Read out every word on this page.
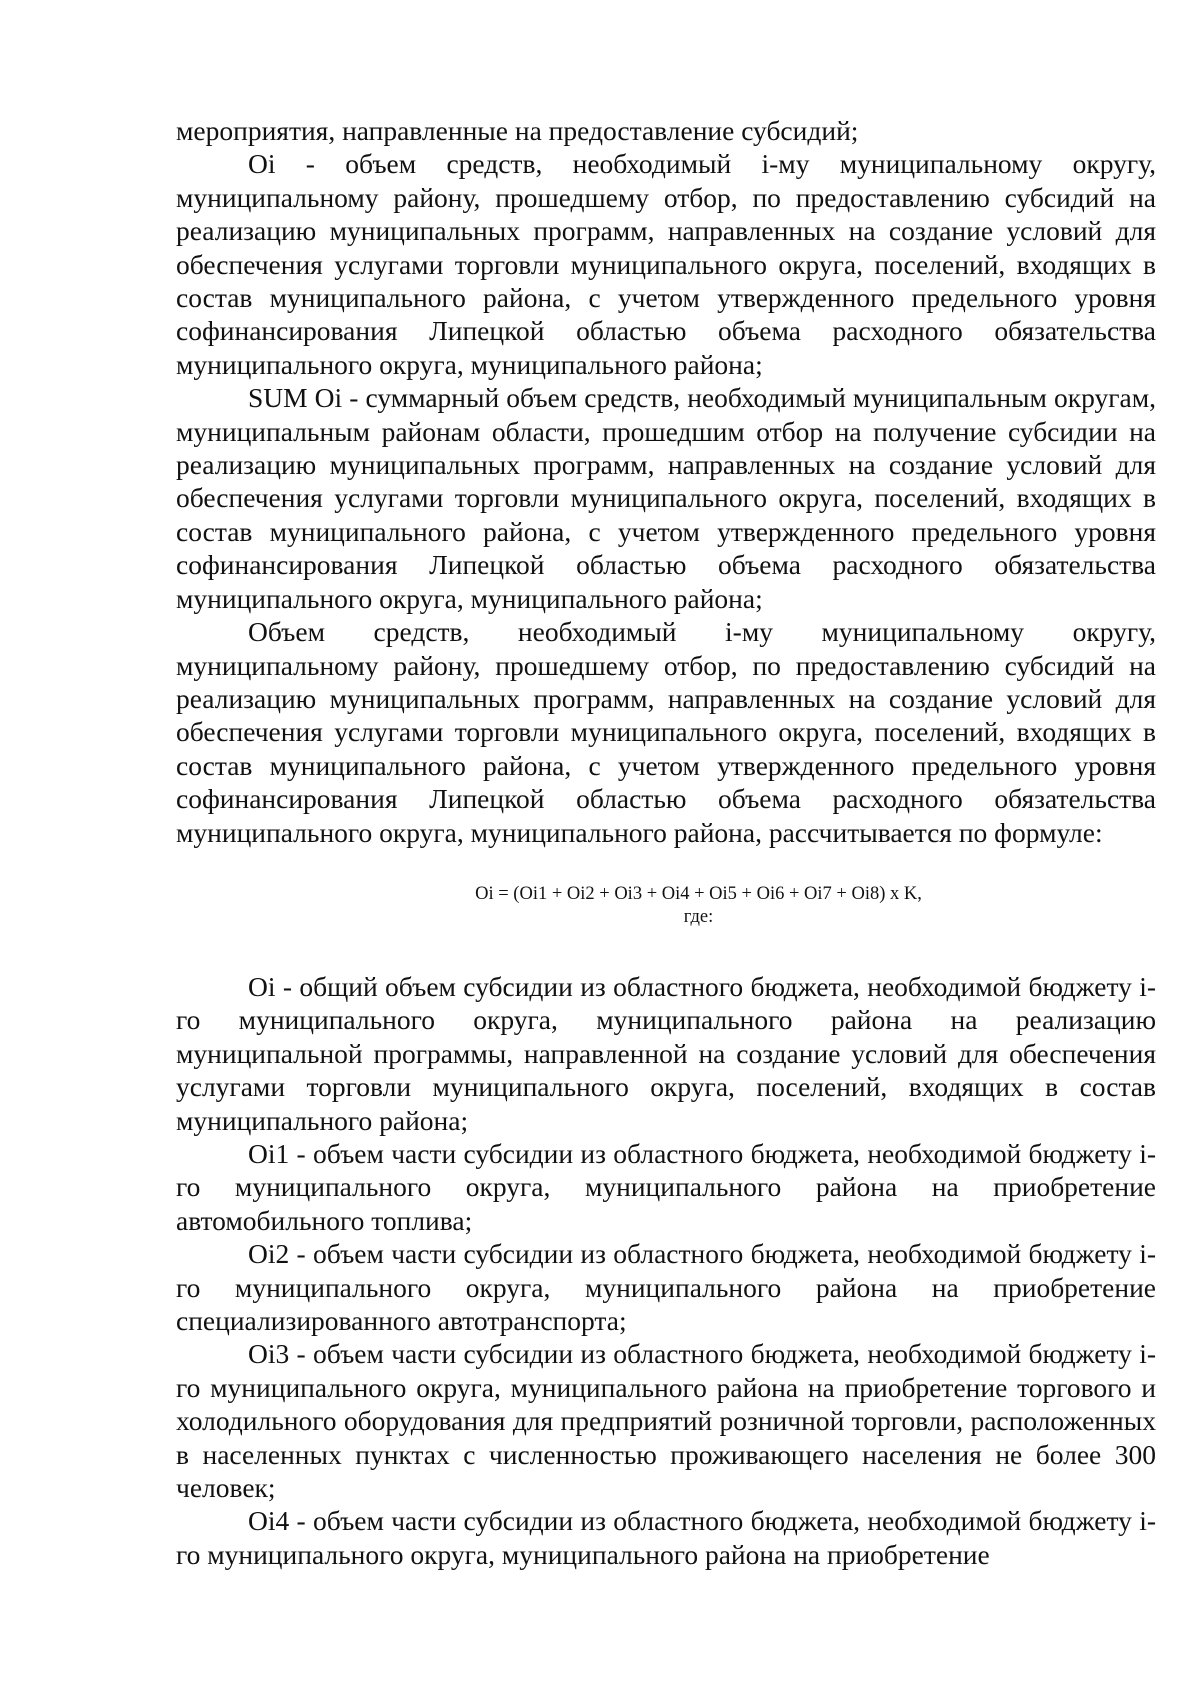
мероприятия, направленные на предоставление субсидий;

Oi - объем средств, необходимый i-му муниципальному округу, муниципальному району, прошедшему отбор, по предоставлению субсидий на реализацию муниципальных программ, направленных на создание условий для обеспечения услугами торговли муниципального округа, поселений, входящих в состав муниципального района, с учетом утвержденного предельного уровня софинансирования Липецкой областью объема расходного обязательства муниципального округа, муниципального района;

SUM Oi - суммарный объем средств, необходимый муниципальным округам, муниципальным районам области, прошедшим отбор на получение субсидии на реализацию муниципальных программ, направленных на создание условий для обеспечения услугами торговли муниципального округа, поселений, входящих в состав муниципального района, с учетом утвержденного предельного уровня софинансирования Липецкой областью объема расходного обязательства муниципального округа, муниципального района;

Объем средств, необходимый i-му муниципальному округу, муниципальному району, прошедшему отбор, по предоставлению субсидий на реализацию муниципальных программ, направленных на создание условий для обеспечения услугами торговли муниципального округа, поселений, входящих в состав муниципального района, с учетом утвержденного предельного уровня софинансирования Липецкой областью объема расходного обязательства муниципального округа, муниципального района, рассчитывается по формуле:

Oi = (Oi1 + Oi2 + Oi3 + Oi4 + Oi5 + Oi6 + Oi7 + Oi8) x K,

где:

Oi - общий объем субсидии из областного бюджета, необходимой бюджету i-го муниципального округа, муниципального района на реализацию муниципальной программы, направленной на создание условий для обеспечения услугами торговли муниципального округа, поселений, входящих в состав муниципального района;

Oi1 - объем части субсидии из областного бюджета, необходимой бюджету i-го муниципального округа, муниципального района на приобретение автомобильного топлива;

Oi2 - объем части субсидии из областного бюджета, необходимой бюджету i-го муниципального округа, муниципального района на приобретение специализированного автотранспорта;

Oi3 - объем части субсидии из областного бюджета, необходимой бюджету i-го муниципального округа, муниципального района на приобретение торгового и холодильного оборудования для предприятий розничной торговли, расположенных в населенных пунктах с численностью проживающего населения не более 300 человек;

Oi4 - объем части субсидии из областного бюджета, необходимой бюджету i-го муниципального округа, муниципального района на приобретение
